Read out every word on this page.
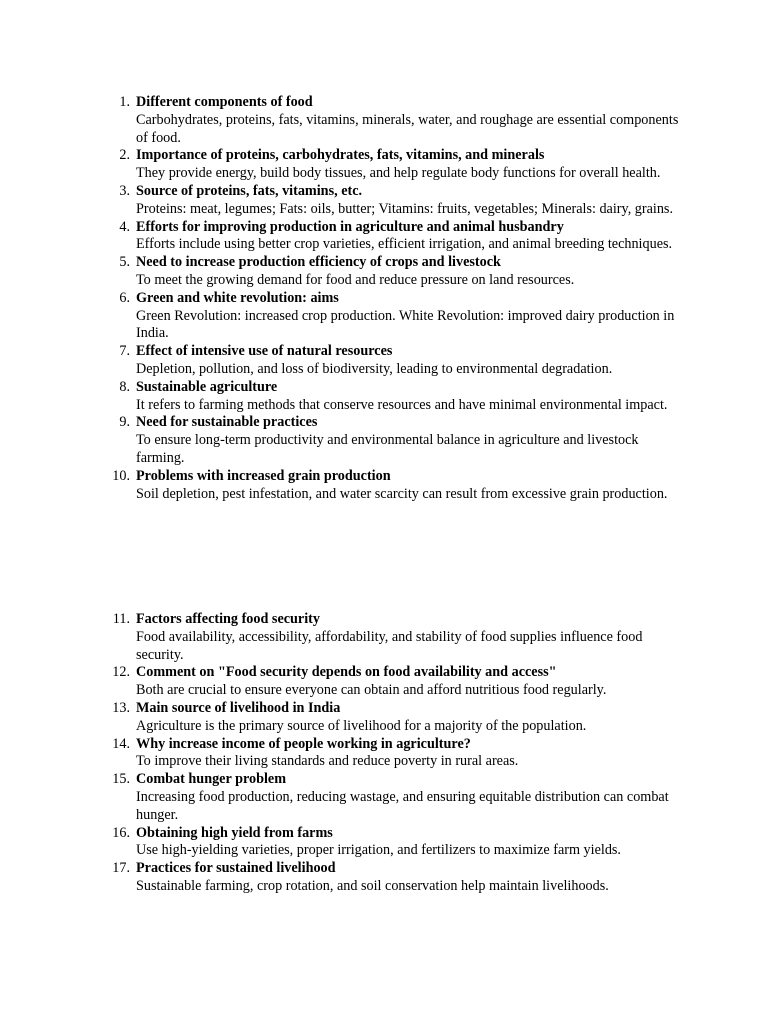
1. Different components of food
Carbohydrates, proteins, fats, vitamins, minerals, water, and roughage are essential components of food.
2. Importance of proteins, carbohydrates, fats, vitamins, and minerals
They provide energy, build body tissues, and help regulate body functions for overall health.
3. Source of proteins, fats, vitamins, etc.
Proteins: meat, legumes; Fats: oils, butter; Vitamins: fruits, vegetables; Minerals: dairy, grains.
4. Efforts for improving production in agriculture and animal husbandry
Efforts include using better crop varieties, efficient irrigation, and animal breeding techniques.
5. Need to increase production efficiency of crops and livestock
To meet the growing demand for food and reduce pressure on land resources.
6. Green and white revolution: aims
Green Revolution: increased crop production. White Revolution: improved dairy production in India.
7. Effect of intensive use of natural resources
Depletion, pollution, and loss of biodiversity, leading to environmental degradation.
8. Sustainable agriculture
It refers to farming methods that conserve resources and have minimal environmental impact.
9. Need for sustainable practices
To ensure long-term productivity and environmental balance in agriculture and livestock farming.
10. Problems with increased grain production
Soil depletion, pest infestation, and water scarcity can result from excessive grain production.
11. Factors affecting food security
Food availability, accessibility, affordability, and stability of food supplies influence food security.
12. Comment on "Food security depends on food availability and access"
Both are crucial to ensure everyone can obtain and afford nutritious food regularly.
13. Main source of livelihood in India
Agriculture is the primary source of livelihood for a majority of the population.
14. Why increase income of people working in agriculture?
To improve their living standards and reduce poverty in rural areas.
15. Combat hunger problem
Increasing food production, reducing wastage, and ensuring equitable distribution can combat hunger.
16. Obtaining high yield from farms
Use high-yielding varieties, proper irrigation, and fertilizers to maximize farm yields.
17. Practices for sustained livelihood
Sustainable farming, crop rotation, and soil conservation help maintain livelihoods.
